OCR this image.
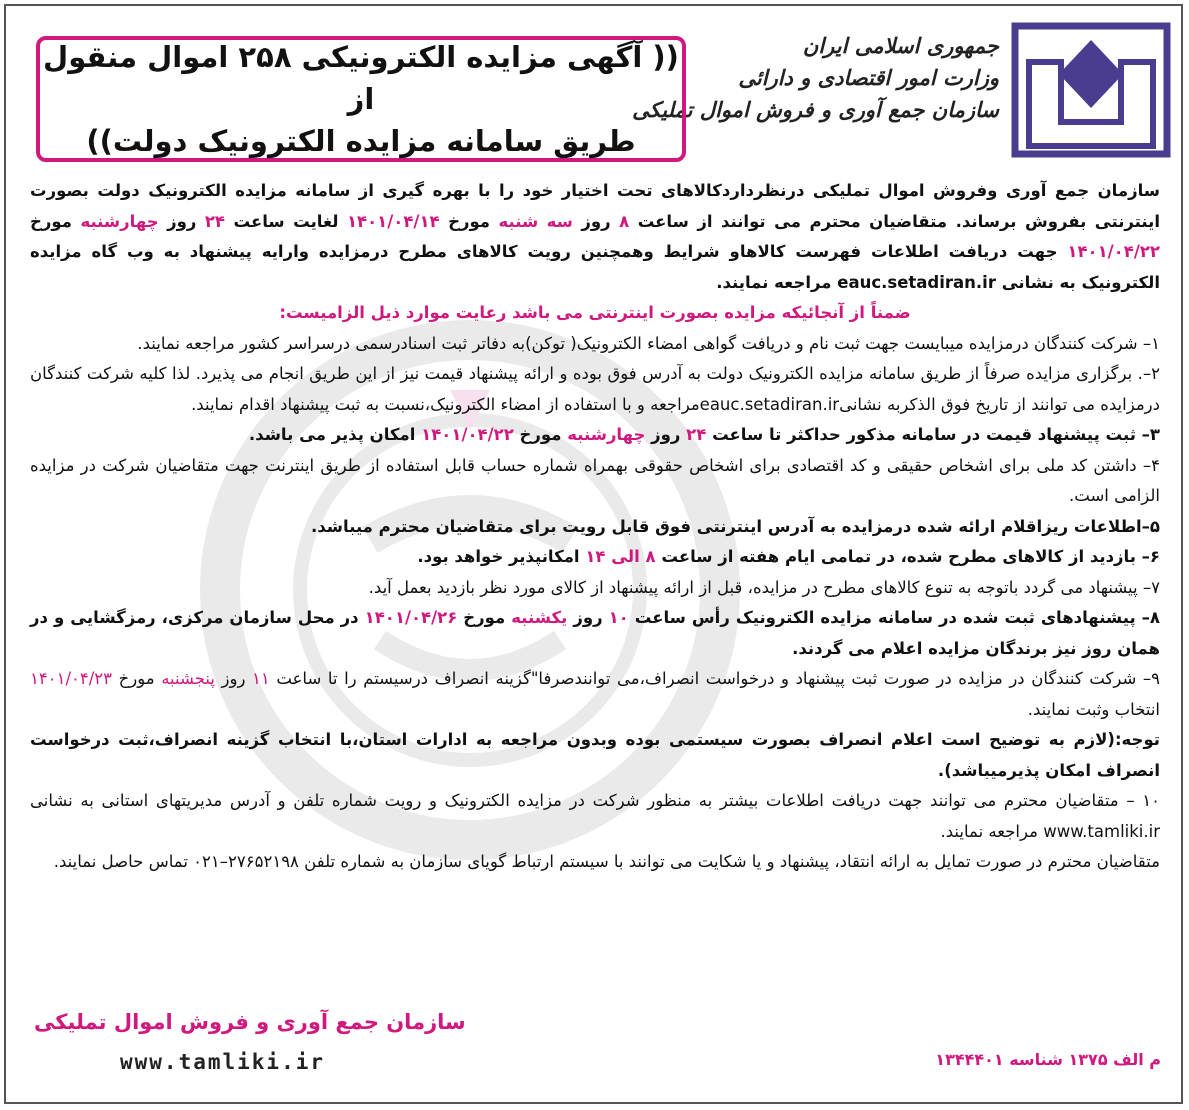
جمهوری اسلامی ایران
وزارت امور اقتصادی و دارائی
سازمان جمع آوری و فروش اموال تملیکی
(( آگهی مزایده الکترونیکی ۲۵۸ اموال منقول از
طریق سامانه مزایده الکترونیک دولت))

سازمان جمع آوری وفروش اموال تملیکی درنظرداردکالاهای تحت اختیار خود را با بهره گیری از سامانه مزایده الکترونیک دولت بصورت اینترنتی بفروش برساند. متقاضیان محترم می توانند از ساعت ۸ روز سه شنبه مورخ ۱۴۰۱/۰۴/۱۴ لغایت ساعت ۲۴ روز چهارشنبه مورخ ۱۴۰۱/۰۴/۲۲ جهت دریافت اطلاعات فهرست کالاهاو شرایط وهمچنین رویت کالاهای مطرح درمزایده وارایه پیشنهاد به وب گاه مزایده الکترونیک به نشانی eauc.setadiran.ir مراجعه نمایند.

ضمناً از آنجائیکه مزایده بصورت اینترنتی می باشد رعایت موارد ذیل الزامیست:

۱– شرکت کنندگان درمزایده میبایست جهت ثبت نام و دریافت گواهی امضاء الکترونیک( توکن)به دفاتر ثبت اسنادرسمی درسراسر کشور مراجعه نمایند.

۲–. برگزاری مزایده صرفاً از طریق سامانه مزایده الکترونیک دولت به آدرس فوق بوده و ارائه پیشنهاد قیمت نیز از این طریق انجام می پذیرد. لذا کلیه شرکت کنندگان درمزایده می توانند از تاریخ فوق الذکربه نشانیeauc.setadiran.irمراجعه و با استفاده از امضاء الکترونیک،نسبت به ثبت پیشنهاد اقدام نمایند.

۳– ثبت پیشنهاد قیمت در سامانه مذکور حداکثر تا ساعت ۲۴ روز چهارشنبه مورخ ۱۴۰۱/۰۴/۲۲ امکان پذیر می باشد.

۴– داشتن کد ملی برای اشخاص حقیقی و کد اقتصادی برای اشخاص حقوقی بهمراه شماره حساب قابل استفاده از طریق اینترنت جهت متقاضیان شرکت در مزایده الزامی است.

۵–اطلاعات ریزاقلام ارائه شده درمزایده به آدرس اینترنتی فوق قابل رویت برای متقاضیان محترم میباشد.

۶– بازدید از کالاهای مطرح شده، در تمامی ایام هفته از ساعت ۸ الی ۱۴ امکانپذیر خواهد بود.

۷– پیشنهاد می گردد باتوجه به تنوع کالاهای مطرح در مزایده، قبل از ارائه پیشنهاد از کالای مورد نظر بازدید بعمل آید.

۸– پیشنهادهای ثبت شده در سامانه مزایده الکترونیک رأس ساعت ۱۰ روز یکشنبه مورخ ۱۴۰۱/۰۴/۲۶ در محل سازمان مرکزی، رمزگشایی و در همان روز نیز برندگان مزایده اعلام می گردند.

۹– شرکت کنندگان در مزایده در صورت ثبت پیشنهاد و درخواست انصراف،می توانندصرفا"گزینه انصراف درسیستم را تا ساعت ۱۱ روز پنجشنبه مورخ ۱۴۰۱/۰۴/۲۳ انتخاب وثبت نمایند.

توجه:(لازم به توضیح است اعلام انصراف بصورت سیستمی بوده وبدون مراجعه به ادارات استان،با انتخاب گزینه انصراف،ثبت درخواست انصراف امکان پذیرمیباشد).

۱۰ – متقاضیان محترم می توانند جهت دریافت اطلاعات بیشتر به منظور شرکت در مزایده الکترونیک و رویت شماره تلفن و آدرس مدیریتهای استانی به نشانی www.tamliki.ir مراجعه نمایند.

متقاضیان محترم در صورت تمایل به ارائه انتقاد، پیشنهاد و یا شکایت می توانند با سیستم ارتباط گویای سازمان به شماره تلفن ۲۷۶۵۲۱۹۸–۰۲۱ تماس حاصل نمایند.

سازمان جمع آوری و فروش اموال تملیکی
www.tamliki.ir	م الف ۱۳۷۵ شناسه ۱۳۴۴۴۰۱
